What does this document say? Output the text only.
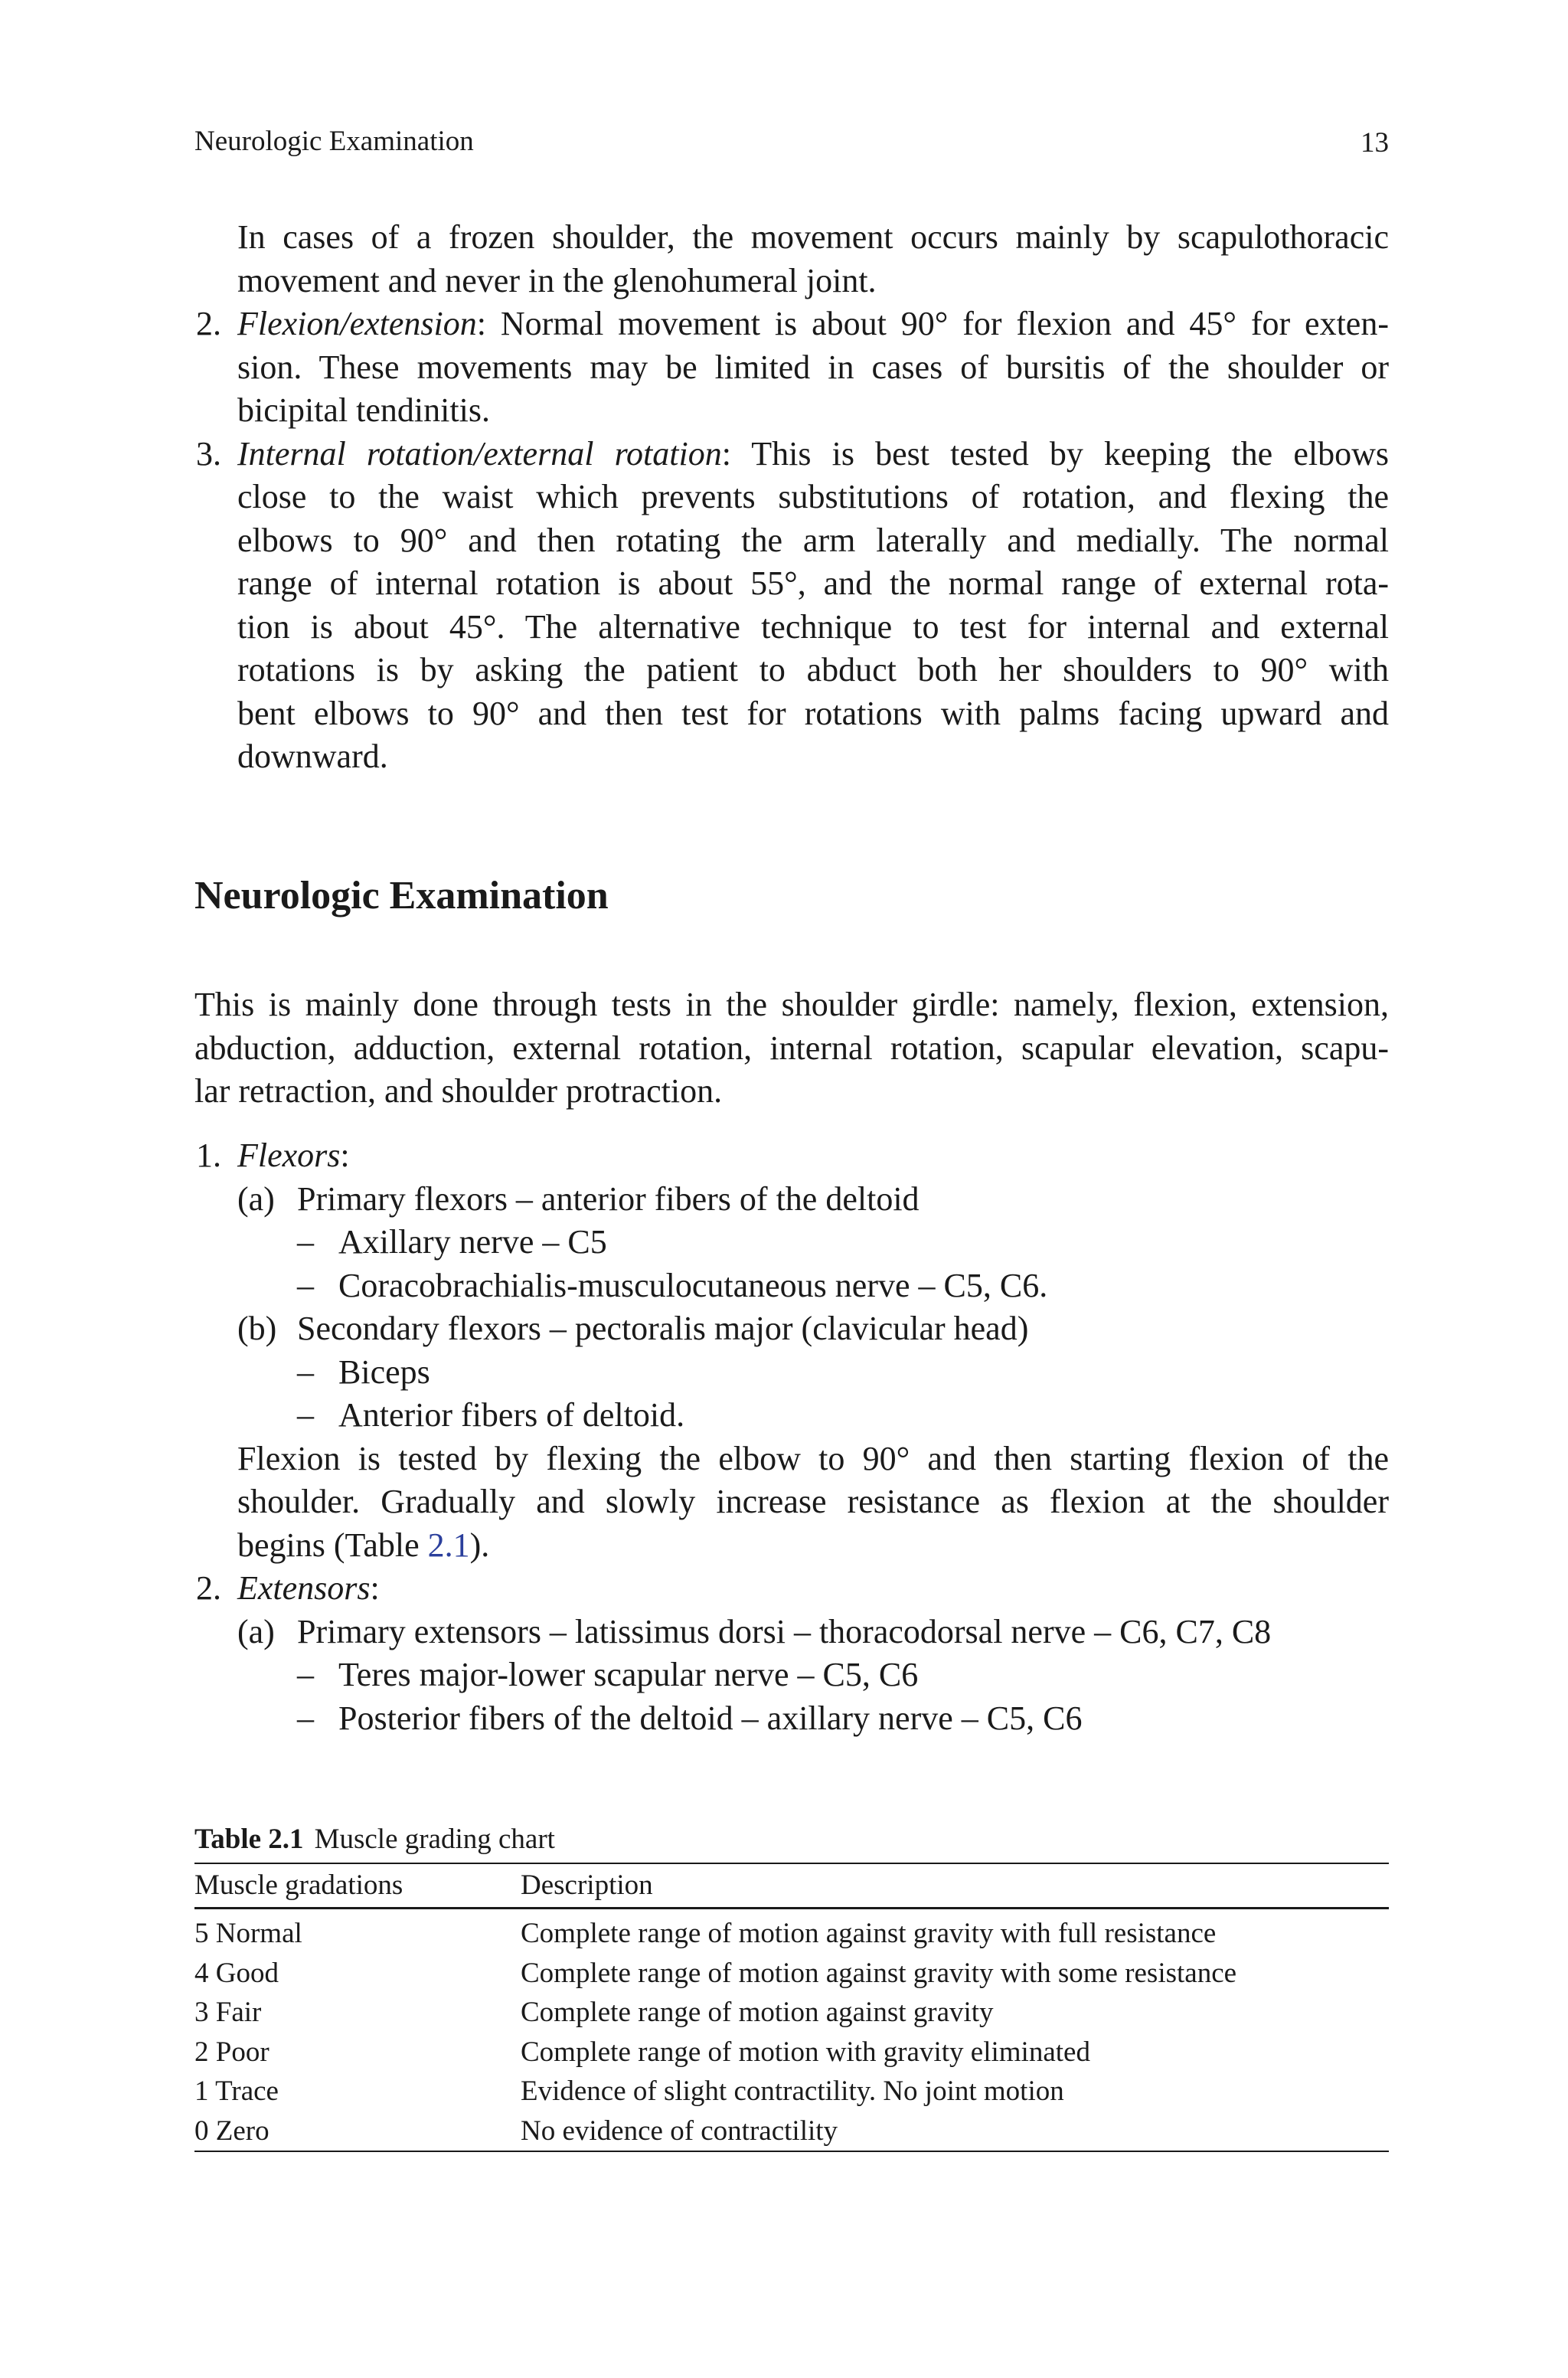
Neurologic Examination	13
In cases of a frozen shoulder, the movement occurs mainly by scapulothoracic
movement and never in the glenohumeral joint.
2. Flexion/extension: Normal movement is about 90° for flexion and 45° for exten-
sion. These movements may be limited in cases of bursitis of the shoulder or
bicipital tendinitis.
3. Internal rotation/external rotation: This is best tested by keeping the elbows
close to the waist which prevents substitutions of rotation, and flexing the
elbows to 90° and then rotating the arm laterally and medially. The normal
range of internal rotation is about 55°, and the normal range of external rota-
tion is about 45°. The alternative technique to test for internal and external
rotations is by asking the patient to abduct both her shoulders to 90° with
bent elbows to 90° and then test for rotations with palms facing upward and
downward.
Neurologic Examination
This is mainly done through tests in the shoulder girdle: namely, flexion, extension,
abduction, adduction, external rotation, internal rotation, scapular elevation, scapu-
lar retraction, and shoulder protraction.
1. Flexors:
(a) Primary flexors – anterior fibers of the deltoid
– Axillary nerve – C5
– Coracobrachialis-musculocutaneous nerve – C5, C6.
(b) Secondary flexors – pectoralis major (clavicular head)
– Biceps
– Anterior fibers of deltoid.
Flexion is tested by flexing the elbow to 90° and then starting flexion of the
shoulder. Gradually and slowly increase resistance as flexion at the shoulder
begins (Table 2.1).
2. Extensors:
(a) Primary extensors – latissimus dorsi – thoracodorsal nerve – C6, C7, C8
– Teres major-lower scapular nerve – C5, C6
– Posterior fibers of the deltoid – axillary nerve – C5, C6
Table 2.1 Muscle grading chart
Muscle gradations	Description
5 Normal	Complete range of motion against gravity with full resistance
4 Good	Complete range of motion against gravity with some resistance
3 Fair	Complete range of motion against gravity
2 Poor	Complete range of motion with gravity eliminated
1 Trace	Evidence of slight contractility. No joint motion
0 Zero	No evidence of contractility
